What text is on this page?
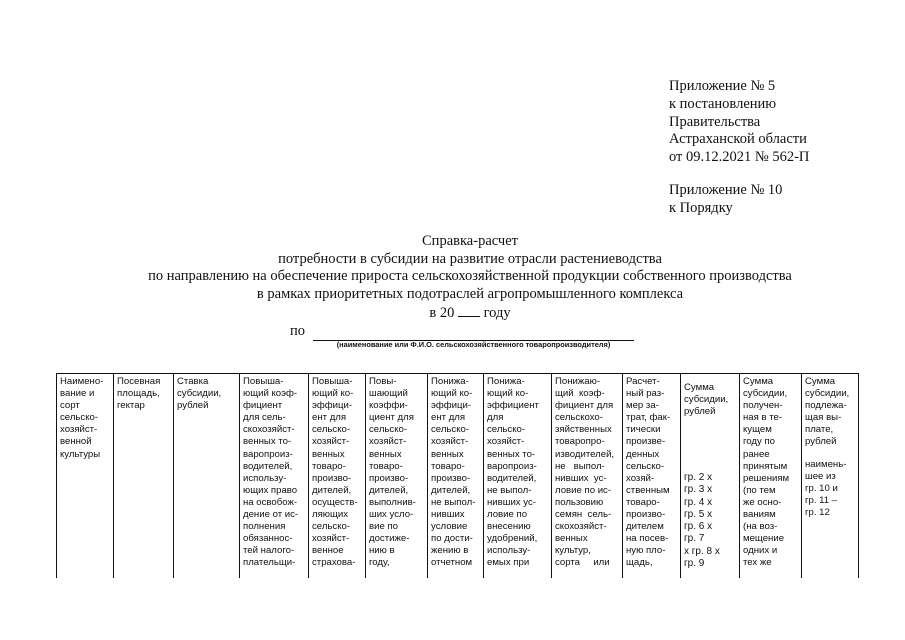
Приложение № 5
к постановлению
Правительства
Астраханской области
от 09.12.2021 № 562-П
Приложение № 10
к Порядку
Справка-расчет
потребности в субсидии на развитие отрасли растениеводства
по направлению на обеспечение прироста сельскохозяйственной продукции собственного производства
в рамках приоритетных подотраслей агропромышленного комплекса
в 20 году
по
(наименование или Ф.И.О. сельскохозяйственного товаропроизводителя)
Наимено-
вание и
сорт
сельско-
хозяйст-
венной
культуры	Посевная
площадь,
гектар	Ставка
субсидии,
рублей	Повыша-
ющий коэф-
фициент
для сель-
скохозяйст-
венных то-
варопроиз-
водителей,
использу-
ющих право
на освобож-
дение от ис-
полнения
обязаннос-
тей налого-
плательщи-	Повыша-
ющий ко-
эффици-
ент для
сельско-
хозяйст-
венных
товаро-
произво-
дителей,
осуществ-
ляющих
сельско-
хозяйст-
венное
страхова-	Повы-
шающий
коэффи-
циент для
сельско-
хозяйст-
венных
товаро-
произво-
дителей,
выполнив-
ших усло-
вие по
достиже-
нию в
году,	Понижа-
ющий ко-
эффици-
ент для
сельско-
хозяйст-
венных
товаро-
произво-
дителей,
не выпол-
нивших
условие
по дости-
жению в
отчетном	Понижа-
ющий ко-
эффициент
для
сельско-
хозяйст-
венных то-
варопроиз-
водителей,
не выпол-
нивших ус-
ловие по
внесению
удобрений,
использу-
емых при	Понижаю-
щий  коэф-
фициент для
сельскохо-
зяйственных
товаропро-
изводителей,
не   выпол-
нивших  ус-
ловие по ис-
пользовию
семян  сель-
скохозяйст-
венных
культур,
сорта     или	Расчет-
ный раз-
мер за-
трат, фак-
тически
произве-
денных
сельско-
хозяй-
ственным
товаро-
произво-
дителем
на посев-
ную пло-
щадь,	Сумма
субсидии,
рублей
гр. 2 х
гр. 3 х
гр. 4 х
гр. 5 х
гр. 6 х
гр. 7
х гр. 8 х
гр. 9
	Сумма
субсидии,
получен-
ная в те-
кущем
году по
ранее
принятым
решениям
(по тем
же осно-
ваниям
(на воз-
мещение
одних и
тех же	Сумма
субсидии,
подлежа-
щая вы-
плате,
рублей
наимень-
шее из
гр. 10 и
гр. 11 –
гр. 12
